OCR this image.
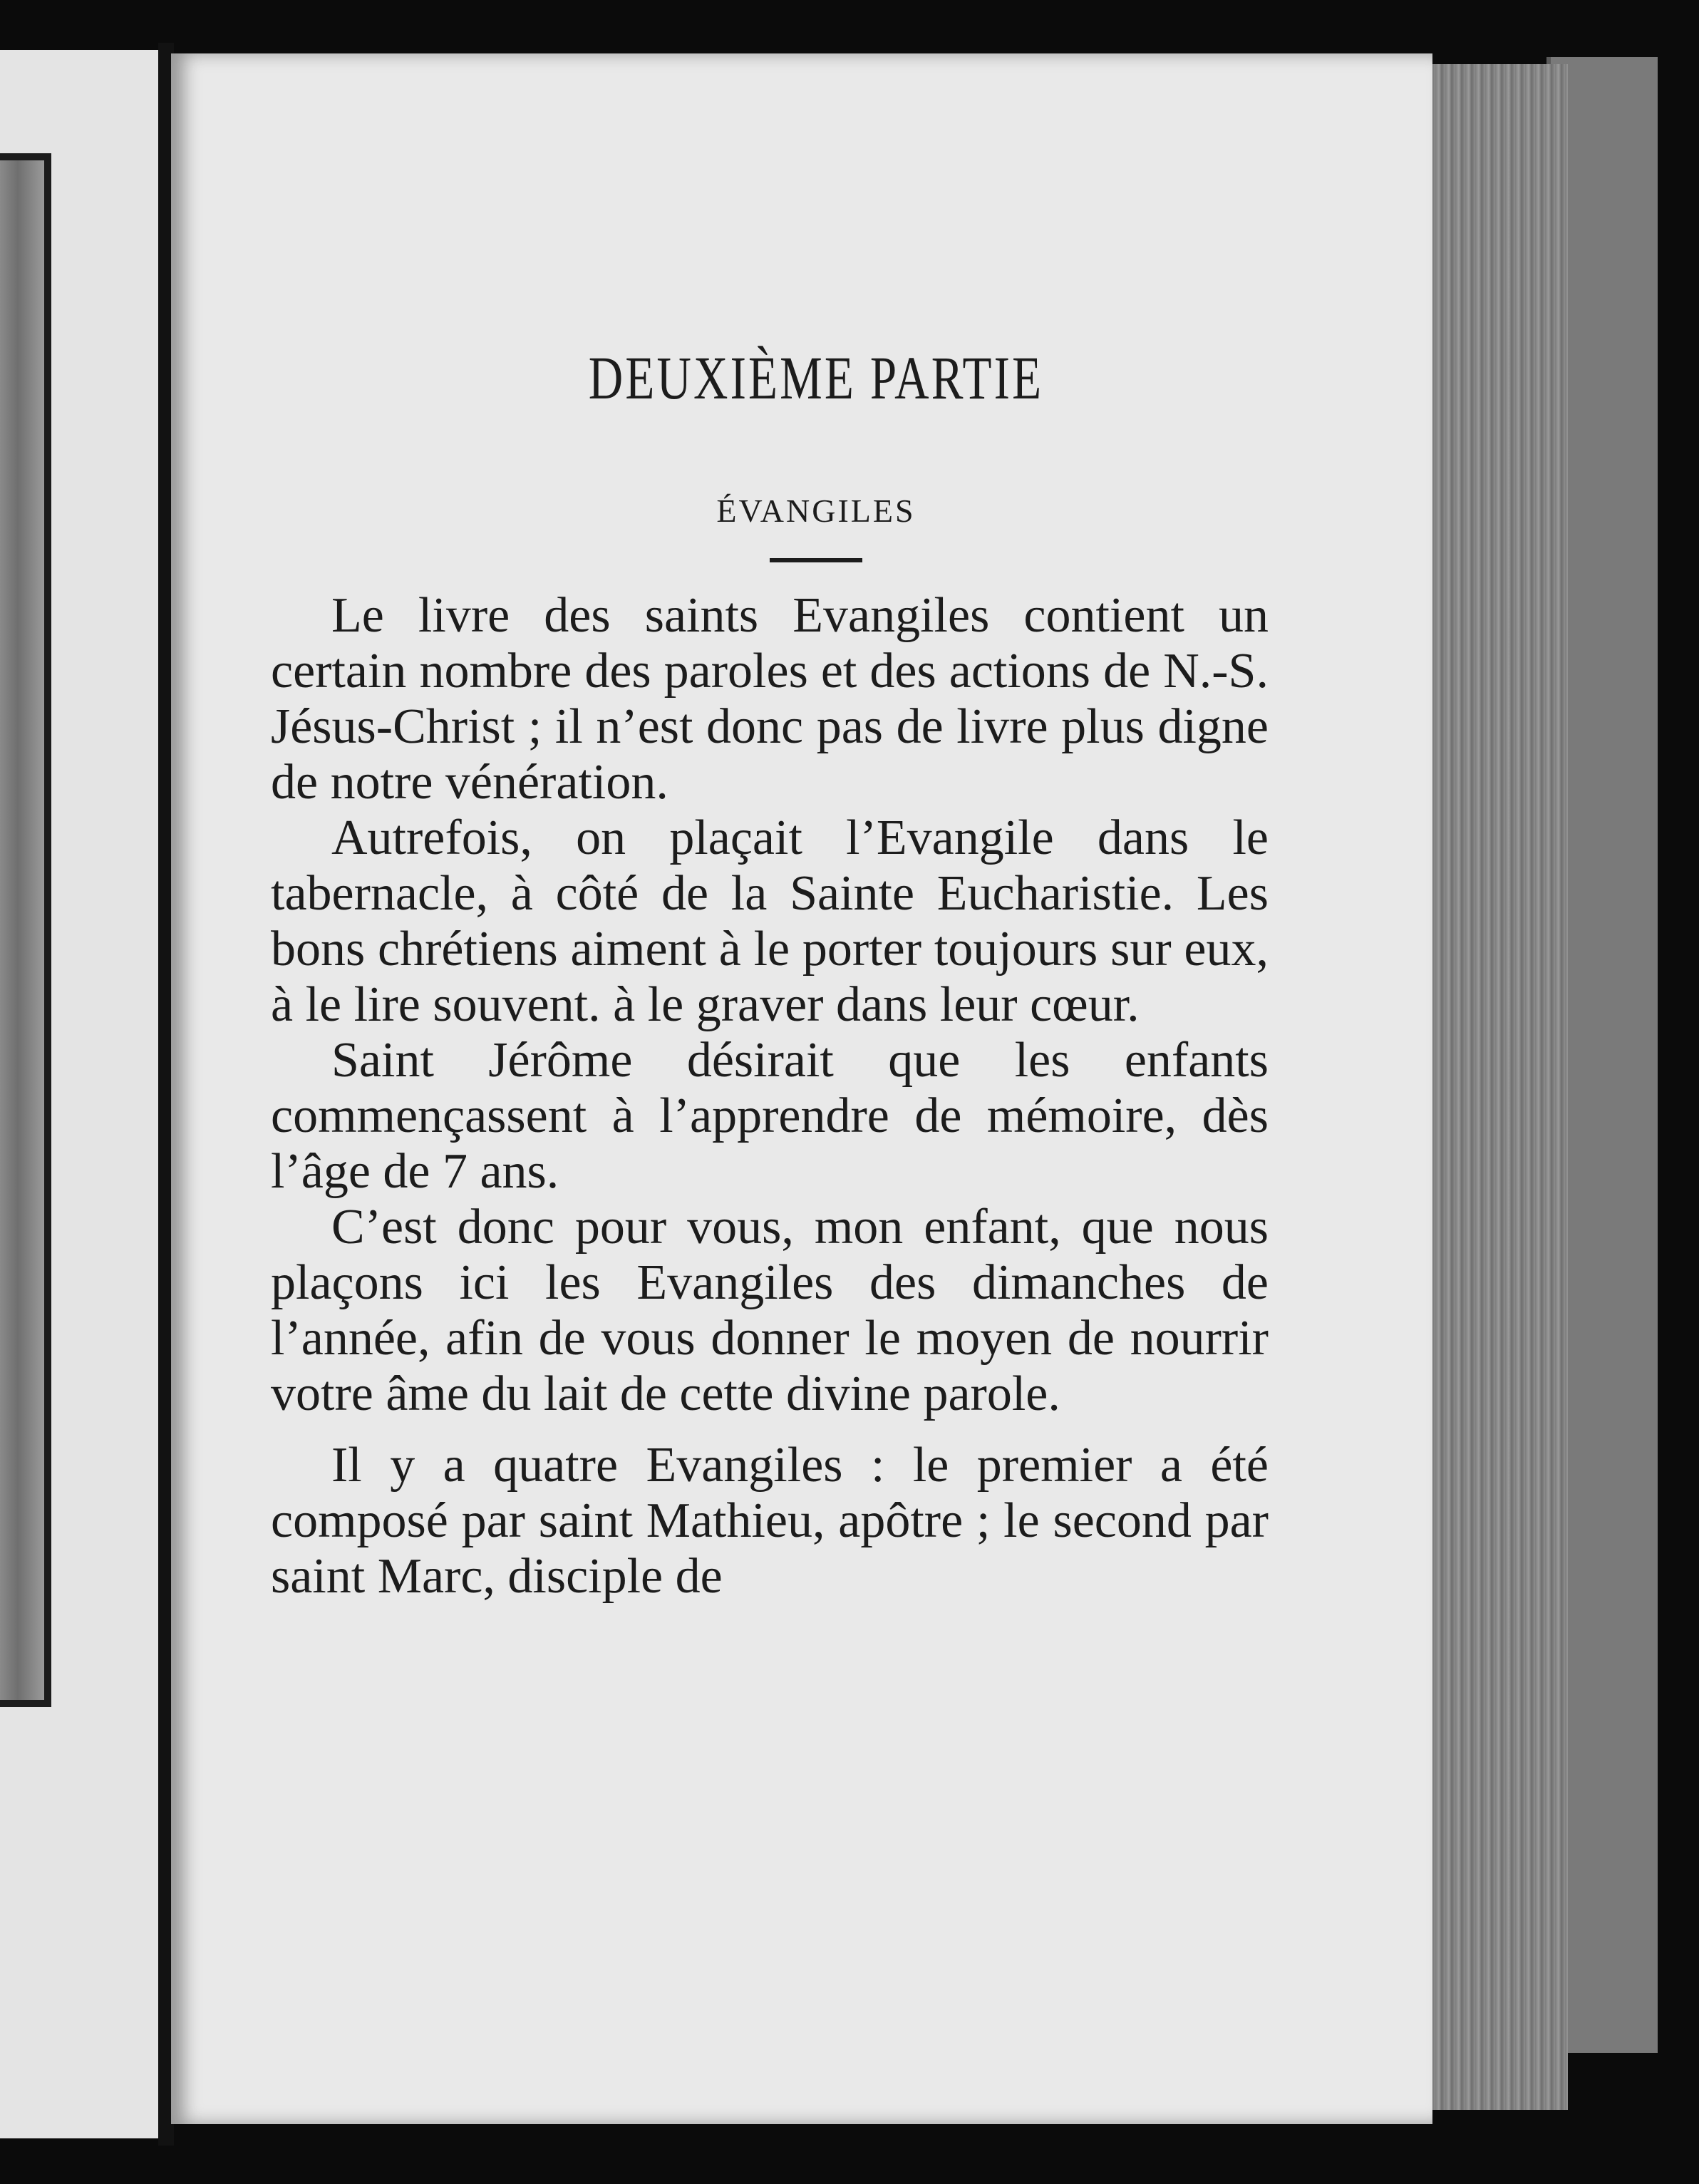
DEUXIÈME PARTIE
ÉVANGILES

Le livre des saints Evangiles contient un certain nombre des paroles et des actions de N.-S. Jésus-Christ ; il n’est donc pas de livre plus digne de notre vénération.

Autrefois, on plaçait l’Evangile dans le tabernacle, à côté de la Sainte Eucharistie. Les bons chrétiens aiment à le porter toujours sur eux, à le lire souvent. à le graver dans leur cœur.

Saint Jérôme désirait que les enfants commençassent à l’apprendre de mémoire, dès l’âge de 7 ans.

C’est donc pour vous, mon enfant, que nous plaçons ici les Evangiles des dimanches de l’année, afin de vous donner le moyen de nourrir votre âme du lait de cette divine parole.

Il y a quatre Evangiles : le premier a été composé par saint Mathieu, apôtre ; le second par saint Marc, disciple de
